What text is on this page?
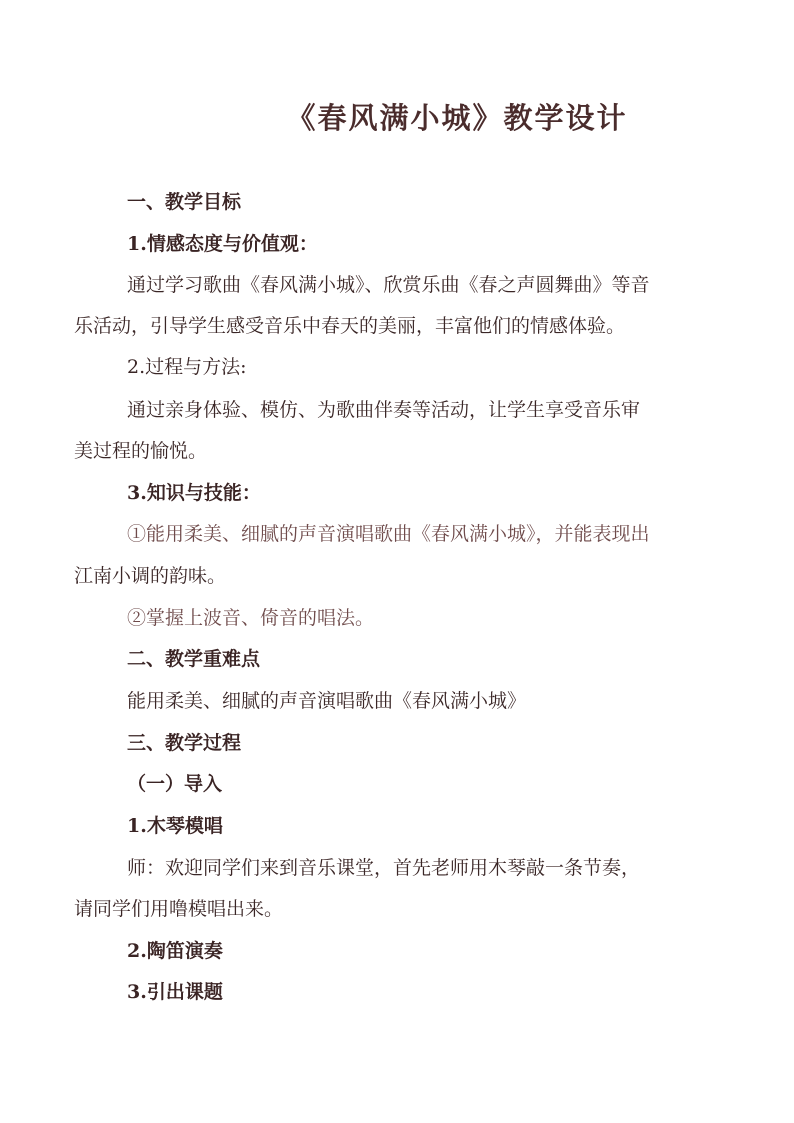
《春风满小城》教学设计
一、教学目标
1.情感态度与价值观：
通过学习歌曲《春风满小城》、欣赏乐曲《春之声圆舞曲》等音
乐活动，引导学生感受音乐中春天的美丽，丰富他们的情感体验。
2.过程与方法:
通过亲身体验、模仿、为歌曲伴奏等活动，让学生享受音乐审
美过程的愉悦。
3.知识与技能：
①能用柔美、细腻的声音演唱歌曲《春风满小城》，并能表现出
江南小调的韵味。
②掌握上波音、倚音的唱法。
二、教学重难点
能用柔美、细腻的声音演唱歌曲《春风满小城》
三、教学过程
（一）导入
1.木琴模唱
师：欢迎同学们来到音乐课堂，首先老师用木琴敲一条节奏，
请同学们用噜模唱出来。
2.陶笛演奏
3.引出课题
